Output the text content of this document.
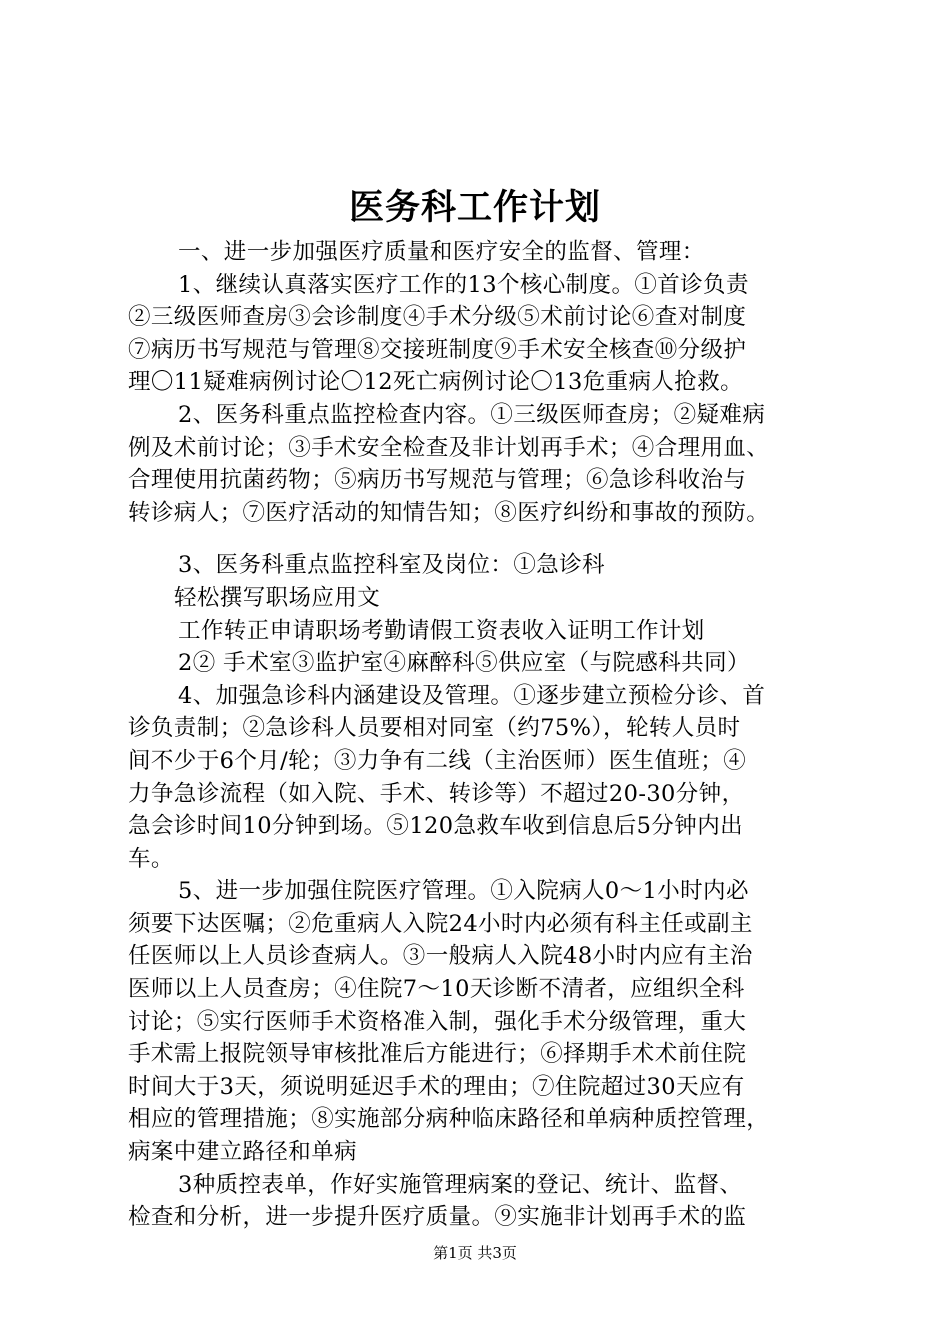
医务科工作计划
一、进一步加强医疗质量和医疗安全的监督、管理：
1、继续认真落实医疗工作的13个核心制度。①首诊负责
②三级医师查房③会诊制度④手术分级⑤术前讨论⑥查对制度
⑦病历书写规范与管理⑧交接班制度⑨手术安全核查⑩分级护
理〇11疑难病例讨论〇12死亡病例讨论〇13危重病人抢救。
2、医务科重点监控检查内容。①三级医师查房；②疑难病
例及术前讨论；③手术安全检查及非计划再手术；④合理用血、
合理使用抗菌药物；⑤病历书写规范与管理；⑥急诊科收治与
转诊病人；⑦医疗活动的知情告知；⑧医疗纠纷和事故的预防。
3、医务科重点监控科室及岗位：①急诊科
轻松撰写职场应用文
工作转正申请职场考勤请假工资表收入证明工作计划
2② 手术室③监护室④麻醉科⑤供应室（与院感科共同）
4、加强急诊科内涵建设及管理。①逐步建立预检分诊、首
诊负责制；②急诊科人员要相对同室（约75%），轮转人员时
间不少于6个月/轮；③力争有二线（主治医师）医生值班；④
力争急诊流程（如入院、手术、转诊等）不超过20-30分钟，
急会诊时间10分钟到场。⑤120急救车收到信息后5分钟内出
车。
5、进一步加强住院医疗管理。①入院病人0～1小时内必
须要下达医嘱；②危重病人入院24小时内必须有科主任或副主
任医师以上人员诊查病人。③一般病人入院48小时内应有主治
医师以上人员查房；④住院7～10天诊断不清者，应组织全科
讨论；⑤实行医师手术资格准入制，强化手术分级管理，重大
手术需上报院领导审核批准后方能进行；⑥择期手术术前住院
时间大于3天，须说明延迟手术的理由；⑦住院超过30天应有
相应的管理措施；⑧实施部分病种临床路径和单病种质控管理，
病案中建立路径和单病
3种质控表单，作好实施管理病案的登记、统计、监督、
检查和分析，进一步提升医疗质量。⑨实施非计划再手术的监
第1页 共3页
